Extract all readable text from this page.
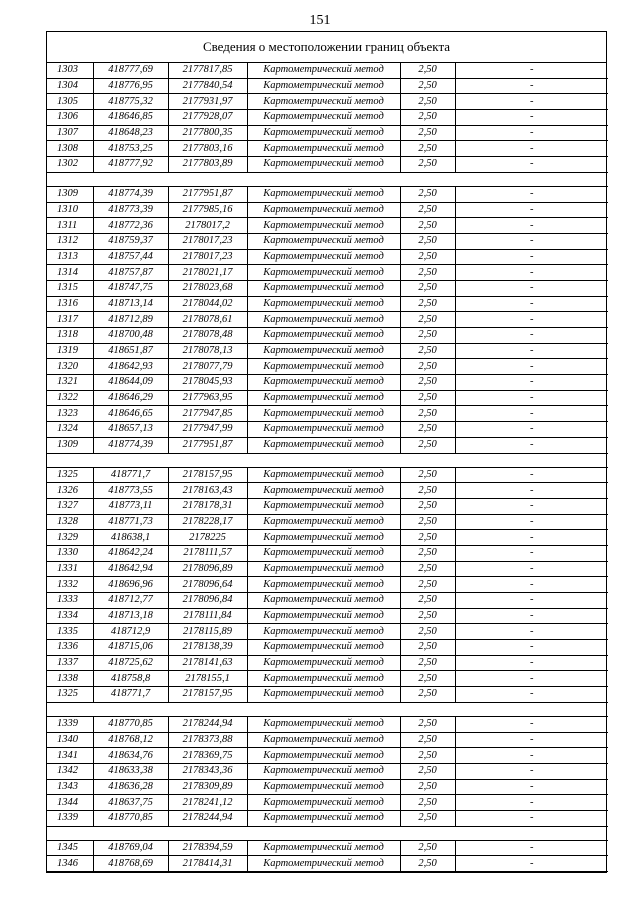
151
Сведения о местоположении границ объекта
1303	418777,69	2177817,85	Картометрический метод	2,50	-
1304	418776,95	2177840,54	Картометрический метод	2,50	-
1305	418775,32	2177931,97	Картометрический метод	2,50	-
1306	418646,85	2177928,07	Картометрический метод	2,50	-
1307	418648,23	2177800,35	Картометрический метод	2,50	-
1308	418753,25	2177803,16	Картометрический метод	2,50	-
1302	418777,92	2177803,89	Картометрический метод	2,50	-

1309	418774,39	2177951,87	Картометрический метод	2,50	-
1310	418773,39	2177985,16	Картометрический метод	2,50	-
1311	418772,36	2178017,2	Картометрический метод	2,50	-
1312	418759,37	2178017,23	Картометрический метод	2,50	-
1313	418757,44	2178017,23	Картометрический метод	2,50	-
1314	418757,87	2178021,17	Картометрический метод	2,50	-
1315	418747,75	2178023,68	Картометрический метод	2,50	-
1316	418713,14	2178044,02	Картометрический метод	2,50	-
1317	418712,89	2178078,61	Картометрический метод	2,50	-
1318	418700,48	2178078,48	Картометрический метод	2,50	-
1319	418651,87	2178078,13	Картометрический метод	2,50	-
1320	418642,93	2178077,79	Картометрический метод	2,50	-
1321	418644,09	2178045,93	Картометрический метод	2,50	-
1322	418646,29	2177963,95	Картометрический метод	2,50	-
1323	418646,65	2177947,85	Картометрический метод	2,50	-
1324	418657,13	2177947,99	Картометрический метод	2,50	-
1309	418774,39	2177951,87	Картометрический метод	2,50	-

1325	418771,7	2178157,95	Картометрический метод	2,50	-
1326	418773,55	2178163,43	Картометрический метод	2,50	-
1327	418773,11	2178178,31	Картометрический метод	2,50	-
1328	418771,73	2178228,17	Картометрический метод	2,50	-
1329	418638,1	2178225	Картометрический метод	2,50	-
1330	418642,24	2178111,57	Картометрический метод	2,50	-
1331	418642,94	2178096,89	Картометрический метод	2,50	-
1332	418696,96	2178096,64	Картометрический метод	2,50	-
1333	418712,77	2178096,84	Картометрический метод	2,50	-
1334	418713,18	2178111,84	Картометрический метод	2,50	-
1335	418712,9	2178115,89	Картометрический метод	2,50	-
1336	418715,06	2178138,39	Картометрический метод	2,50	-
1337	418725,62	2178141,63	Картометрический метод	2,50	-
1338	418758,8	2178155,1	Картометрический метод	2,50	-
1325	418771,7	2178157,95	Картометрический метод	2,50	-

1339	418770,85	2178244,94	Картометрический метод	2,50	-
1340	418768,12	2178373,88	Картометрический метод	2,50	-
1341	418634,76	2178369,75	Картометрический метод	2,50	-
1342	418633,38	2178343,36	Картометрический метод	2,50	-
1343	418636,28	2178309,89	Картометрический метод	2,50	-
1344	418637,75	2178241,12	Картометрический метод	2,50	-
1339	418770,85	2178244,94	Картометрический метод	2,50	-

1345	418769,04	2178394,59	Картометрический метод	2,50	-
1346	418768,69	2178414,31	Картометрический метод	2,50	-
